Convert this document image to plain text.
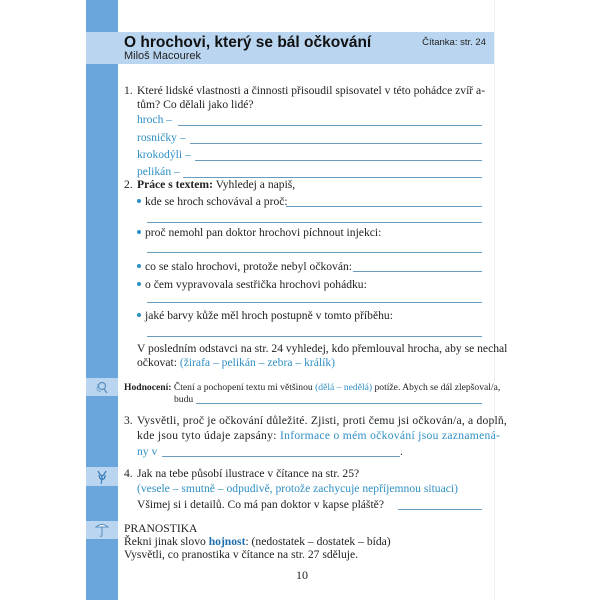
O hrochovi, který se bál očkování
Miloš Macourek
Čítanka: str. 24
1. Které lidské vlastnosti a činnosti přisoudil spisovatel v této pohádce zvíř a-
tům? Co dělali jako lidé?
hroch –
rosničky –
krokodýli –
pelikán –
2. Práce s textem: Vyhledej a napiš,
kde se hroch schovával a proč:
proč nemohl pan doktor hrochovi píchnout injekci:
co se stalo hrochovi, protože nebyl očkován:
o čem vypravovala sestřička hrochovi pohádku:
jaké barvy kůže měl hroch postupně v tomto příběhu:
V posledním odstavci na str. 24 vyhledej, kdo přemlouval hrocha, aby se nechal
očkovat: (žirafa – pelikán – zebra – králík)
Hodnocení: Čtení a pochopení textu mi většinou (dělá – nedělá) potíže. Abych se dál zlepšoval/a,
budu
3. Vysvětli, proč je očkování důležité. Zjisti, proti čemu jsi očkován/a, a doplň,
kde jsou tyto údaje zapsány: Informace o mém očkování jsou zaznamená-
ny v	.
4. Jak na tebe působí ilustrace v čítance na str. 25?
(vesele – smutně – odpudivě, protože zachycuje nepříjemnou situaci)
Všimej si i detailů. Co má pan doktor v kapse pláště?
PRANOSTIKA
Řekni jinak slovo hojnost: (nedostatek – dostatek – bída)
Vysvětli, co pranostika v čítance na str. 27 sděluje.
10
